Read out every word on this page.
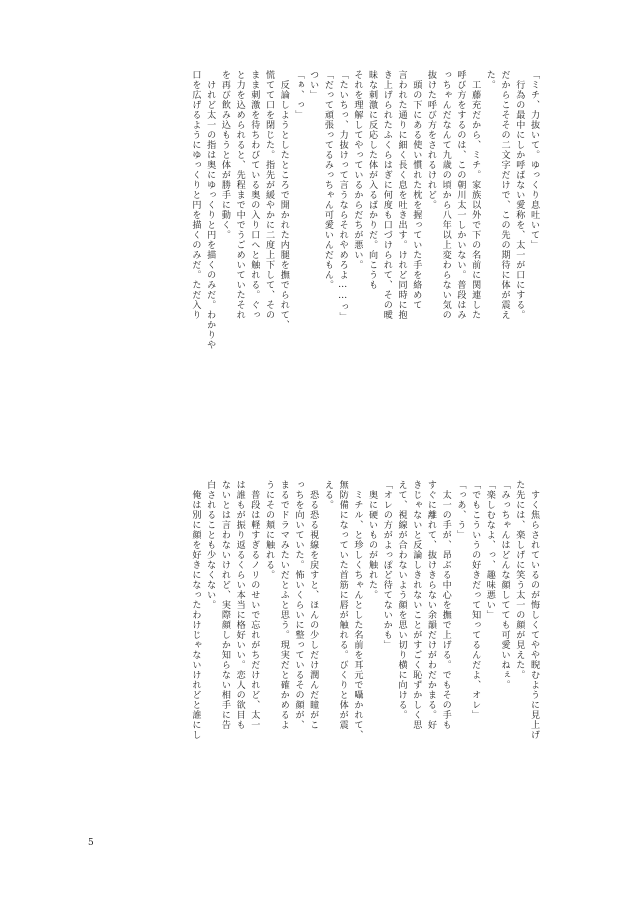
「ミチ、力抜いて。ゆっくり息吐いて」
　行為の最中にしか呼ばない愛称を、太一が口にする。
だからこそその二文字だけで、この先の期待に体が震え
た。
　工藤充だから、ミチ。家族以外で下の名前に関連した
呼び方をするのは、この朝川太一しかいない。普段はみ
っちゃんだなんて九歳の頃から八年以上変わらない気の
抜けた呼び方をされるけれど。
　頭の下にある使い慣れた枕を握っていた手を絡めて
言われた通りに細く長く息を吐き出す。けれど同時に抱
き上げられたふくらはぎに何度も口づけられて、その曖
昧な刺激に反応した体が入るばかりだ。向こうも
それを理解してやっているからだちが悪い。
「たいちっ、力抜けって言うならそれやめろよ……っ」
「だって頑張ってるみっちゃん可愛いんだもん。
つい」
「ぁ、っ」
　反論しようとしたところで開かれた内腿を撫でられて、
慌てて口を閉じた。指先が緩やかに二度上下して、その
まま刺激を待ちわびている奥の入り口へと触れる。ぐっ
と力を込められると、先程まで中でうごめいていたそれ
を再び飲み込もうと体が勝手に動く。
　けれど太一の指は奥にゆっくりと円を描くのみだ。わかりや
口を広げるようにゆっくりと円を描くのみだ。ただ入り
　すく焦らされているのが悔しくてやや睨むように見上げ
た先には、楽しげに笑う太一の顔が見えた。
「みっちゃんはどんな顔してても可愛いねぇ。
「楽しむなよ、っ、趣味悪い」
「でもこういうの好きだって知ってるんだよ、オレ」
「っあ、う」
　太一の手が、昂ぶる中心を撫で上げる。でもその手も
すぐに離れて、抜けきらない余韻だけがわだかまる。好
きじゃないと反論しきれないことがすごく恥ずかしく思
えて、視線が合わないよう顔を思い切り横に向ける。
「オレの方がよっぽど待てないかも」
　奥に硬いものが触れた。
　ミチル、と珍しくちゃんとした名前を耳元で囁かれて、
無防備になっていた首筋に唇が触れる。びくりと体が震
える。
　恐る恐る視線を戻すと、ほんの少しだけ潤んだ瞳がこ
っちを向いていた。怖いくらいに整っているその顔が、
まるでドラマみたいだとふと思う。現実だと確かめるよ
うにその頬に触れる。
　普段は軽すぎるノリのせいで忘れがちだけれど、太一
は誰もが振り返るくらい本当に格好いい。恋人の欲目も
ないとは言わないけれど、実際顔しか知らない相手に告
白されることも少なくない。
　俺は別に顔を好きになったわけじゃないけれどと誰にし
5
